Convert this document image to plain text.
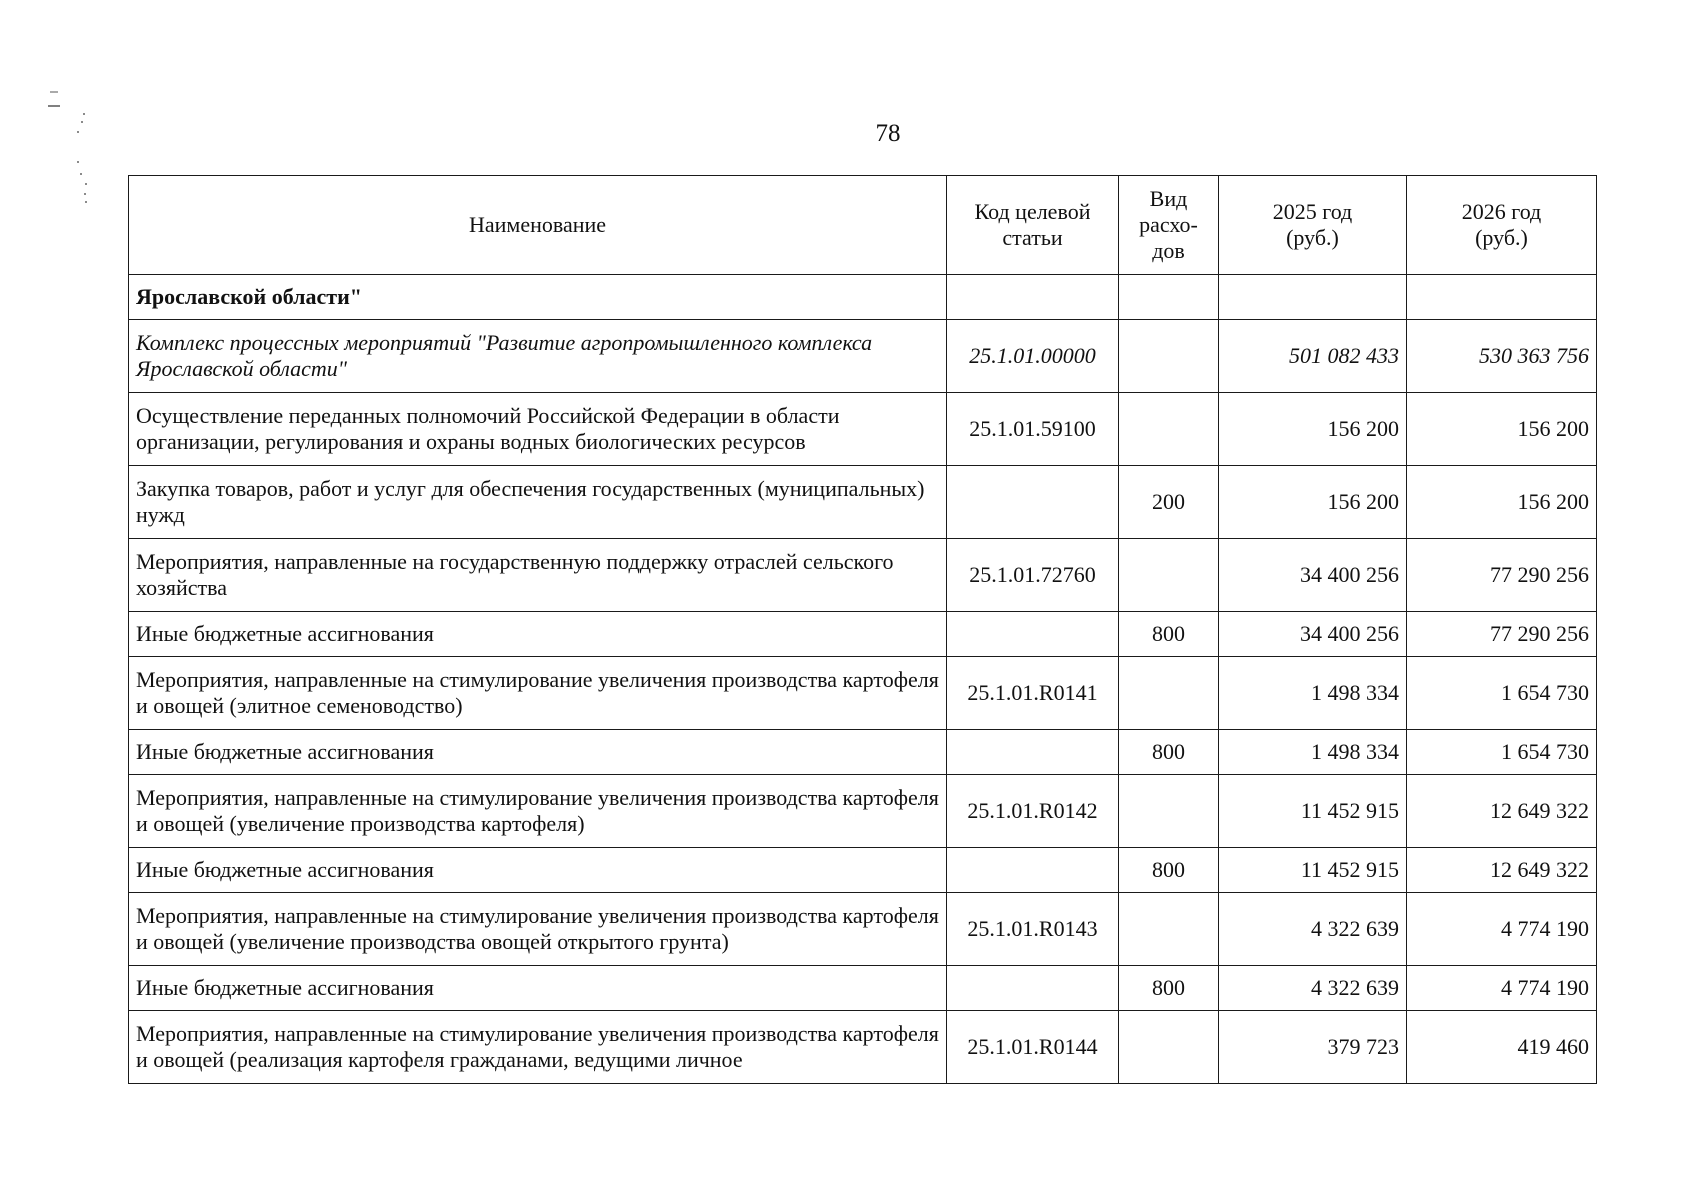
78
Наименование	Код целевой статьи	Вид расхо-дов	2025 год (руб.)	2026 год (руб.)
Ярославской области"				
Комплекс процессных мероприятий "Развитие агропромышленного комплекса Ярославской области"	25.1.01.00000		501 082 433	530 363 756
Осуществление переданных полномочий Российской Федерации в области организации, регулирования и охраны водных биологических ресурсов	25.1.01.59100		156 200	156 200
Закупка товаров, работ и услуг для обеспечения государственных (муниципальных) нужд		200	156 200	156 200
Мероприятия, направленные на государственную поддержку отраслей сельского хозяйства	25.1.01.72760		34 400 256	77 290 256
Иные бюджетные ассигнования		800	34 400 256	77 290 256
Мероприятия, направленные на стимулирование увеличения производства картофеля и овощей (элитное семеноводство)	25.1.01.R0141		1 498 334	1 654 730
Иные бюджетные ассигнования		800	1 498 334	1 654 730
Мероприятия, направленные на стимулирование увеличения производства картофеля и овощей (увеличение производства картофеля)	25.1.01.R0142		11 452 915	12 649 322
Иные бюджетные ассигнования		800	11 452 915	12 649 322
Мероприятия, направленные на стимулирование увеличения производства картофеля и овощей (увеличение производства овощей открытого грунта)	25.1.01.R0143		4 322 639	4 774 190
Иные бюджетные ассигнования		800	4 322 639	4 774 190
Мероприятия, направленные на стимулирование увеличения производства картофеля и овощей (реализация картофеля гражданами, ведущими личное	25.1.01.R0144		379 723	419 460
